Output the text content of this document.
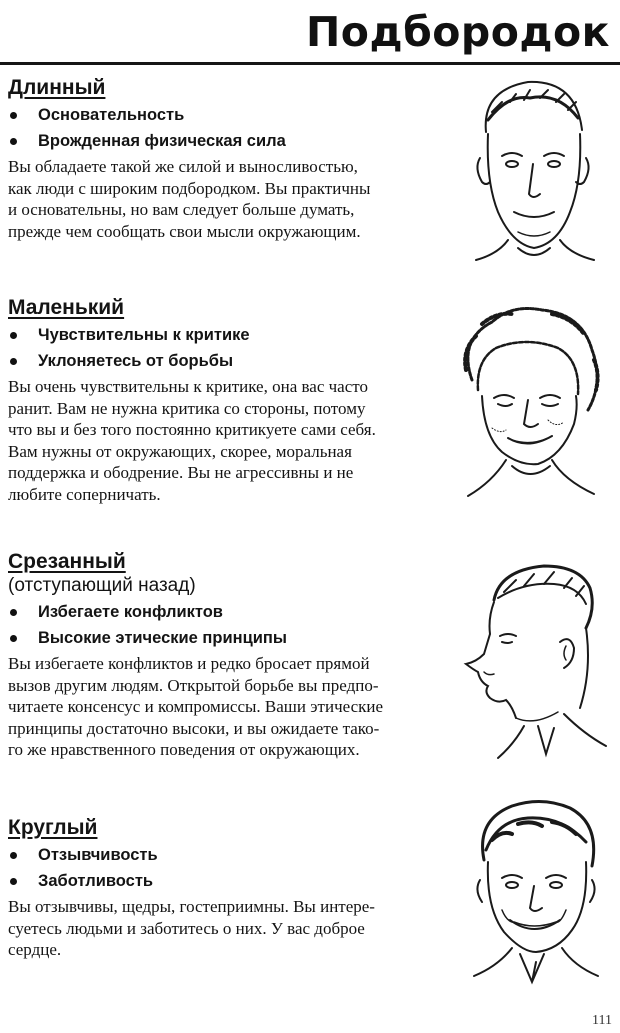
Подбородок
Длинный
Основательность
Врожденная физическая сила

Вы обладаете такой же силой и выносливостью,
как люди с широким подбородком. Вы практичны
и основательны, но вам следует больше думать,
прежде чем сообщать свои мысли окружающим.

Маленький
Чувствительны к критике
Уклоняетесь от борьбы

Вы очень чувствительны к критике, она вас часто
ранит. Вам не нужна критика со стороны, потому
что вы и без того постоянно критикуете сами себя.
Вам нужны от окружающих, скорее, моральная
поддержка и ободрение. Вы не агрессивны и не
любите соперничать.

Срезанный
(отступающий назад)
Избегаете конфликтов
Высокие этические принципы

Вы избегаете конфликтов и редко бросает прямой
вызов другим людям. Открытой борьбе вы предпо-
читаете консенсус и компромиссы. Ваши этические
принципы достаточно высоки, и вы ожидаете тако-
го же нравственного поведения от окружающих.

Круглый
Отзывчивость
Заботливость

Вы отзывчивы, щедры, гостеприимны. Вы интере-
суетесь людьми и заботитесь о них. У вас доброе
сердце.

111
